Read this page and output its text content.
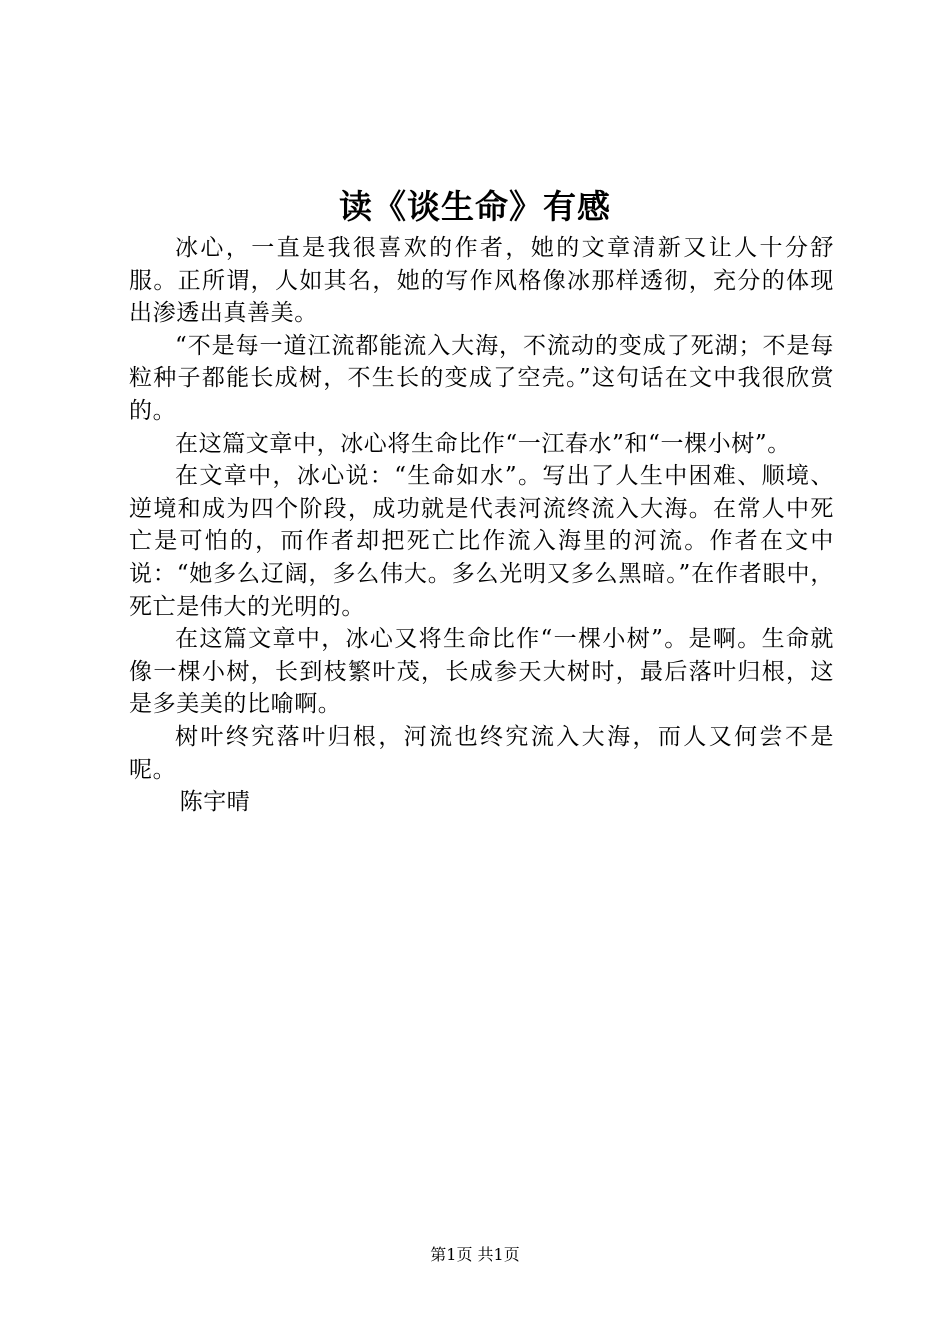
读《谈生命》有感

冰心，一直是我很喜欢的作者，她的文章清新又让人十分舒服。正所谓，人如其名，她的写作风格像冰那样透彻，充分的体现出渗透出真善美。

“不是每一道江流都能流入大海，不流动的变成了死湖；不是每粒种子都能长成树，不生长的变成了空壳。”这句话在文中我很欣赏的。

在这篇文章中，冰心将生命比作“一江春水”和“一棵小树”。

在文章中，冰心说：“生命如水”。写出了人生中困难、顺境、逆境和成为四个阶段，成功就是代表河流终流入大海。在常人中死亡是可怕的，而作者却把死亡比作流入海里的河流。作者在文中说：“她多么辽阔，多么伟大。多么光明又多么黑暗。”在作者眼中，死亡是伟大的光明的。

在这篇文章中，冰心又将生命比作“一棵小树”。是啊。生命就像一棵小树，长到枝繁叶茂，长成参天大树时，最后落叶归根，这是多美美的比喻啊。

树叶终究落叶归根，河流也终究流入大海，而人又何尝不是呢。

陈宇晴

第1页 共1页
